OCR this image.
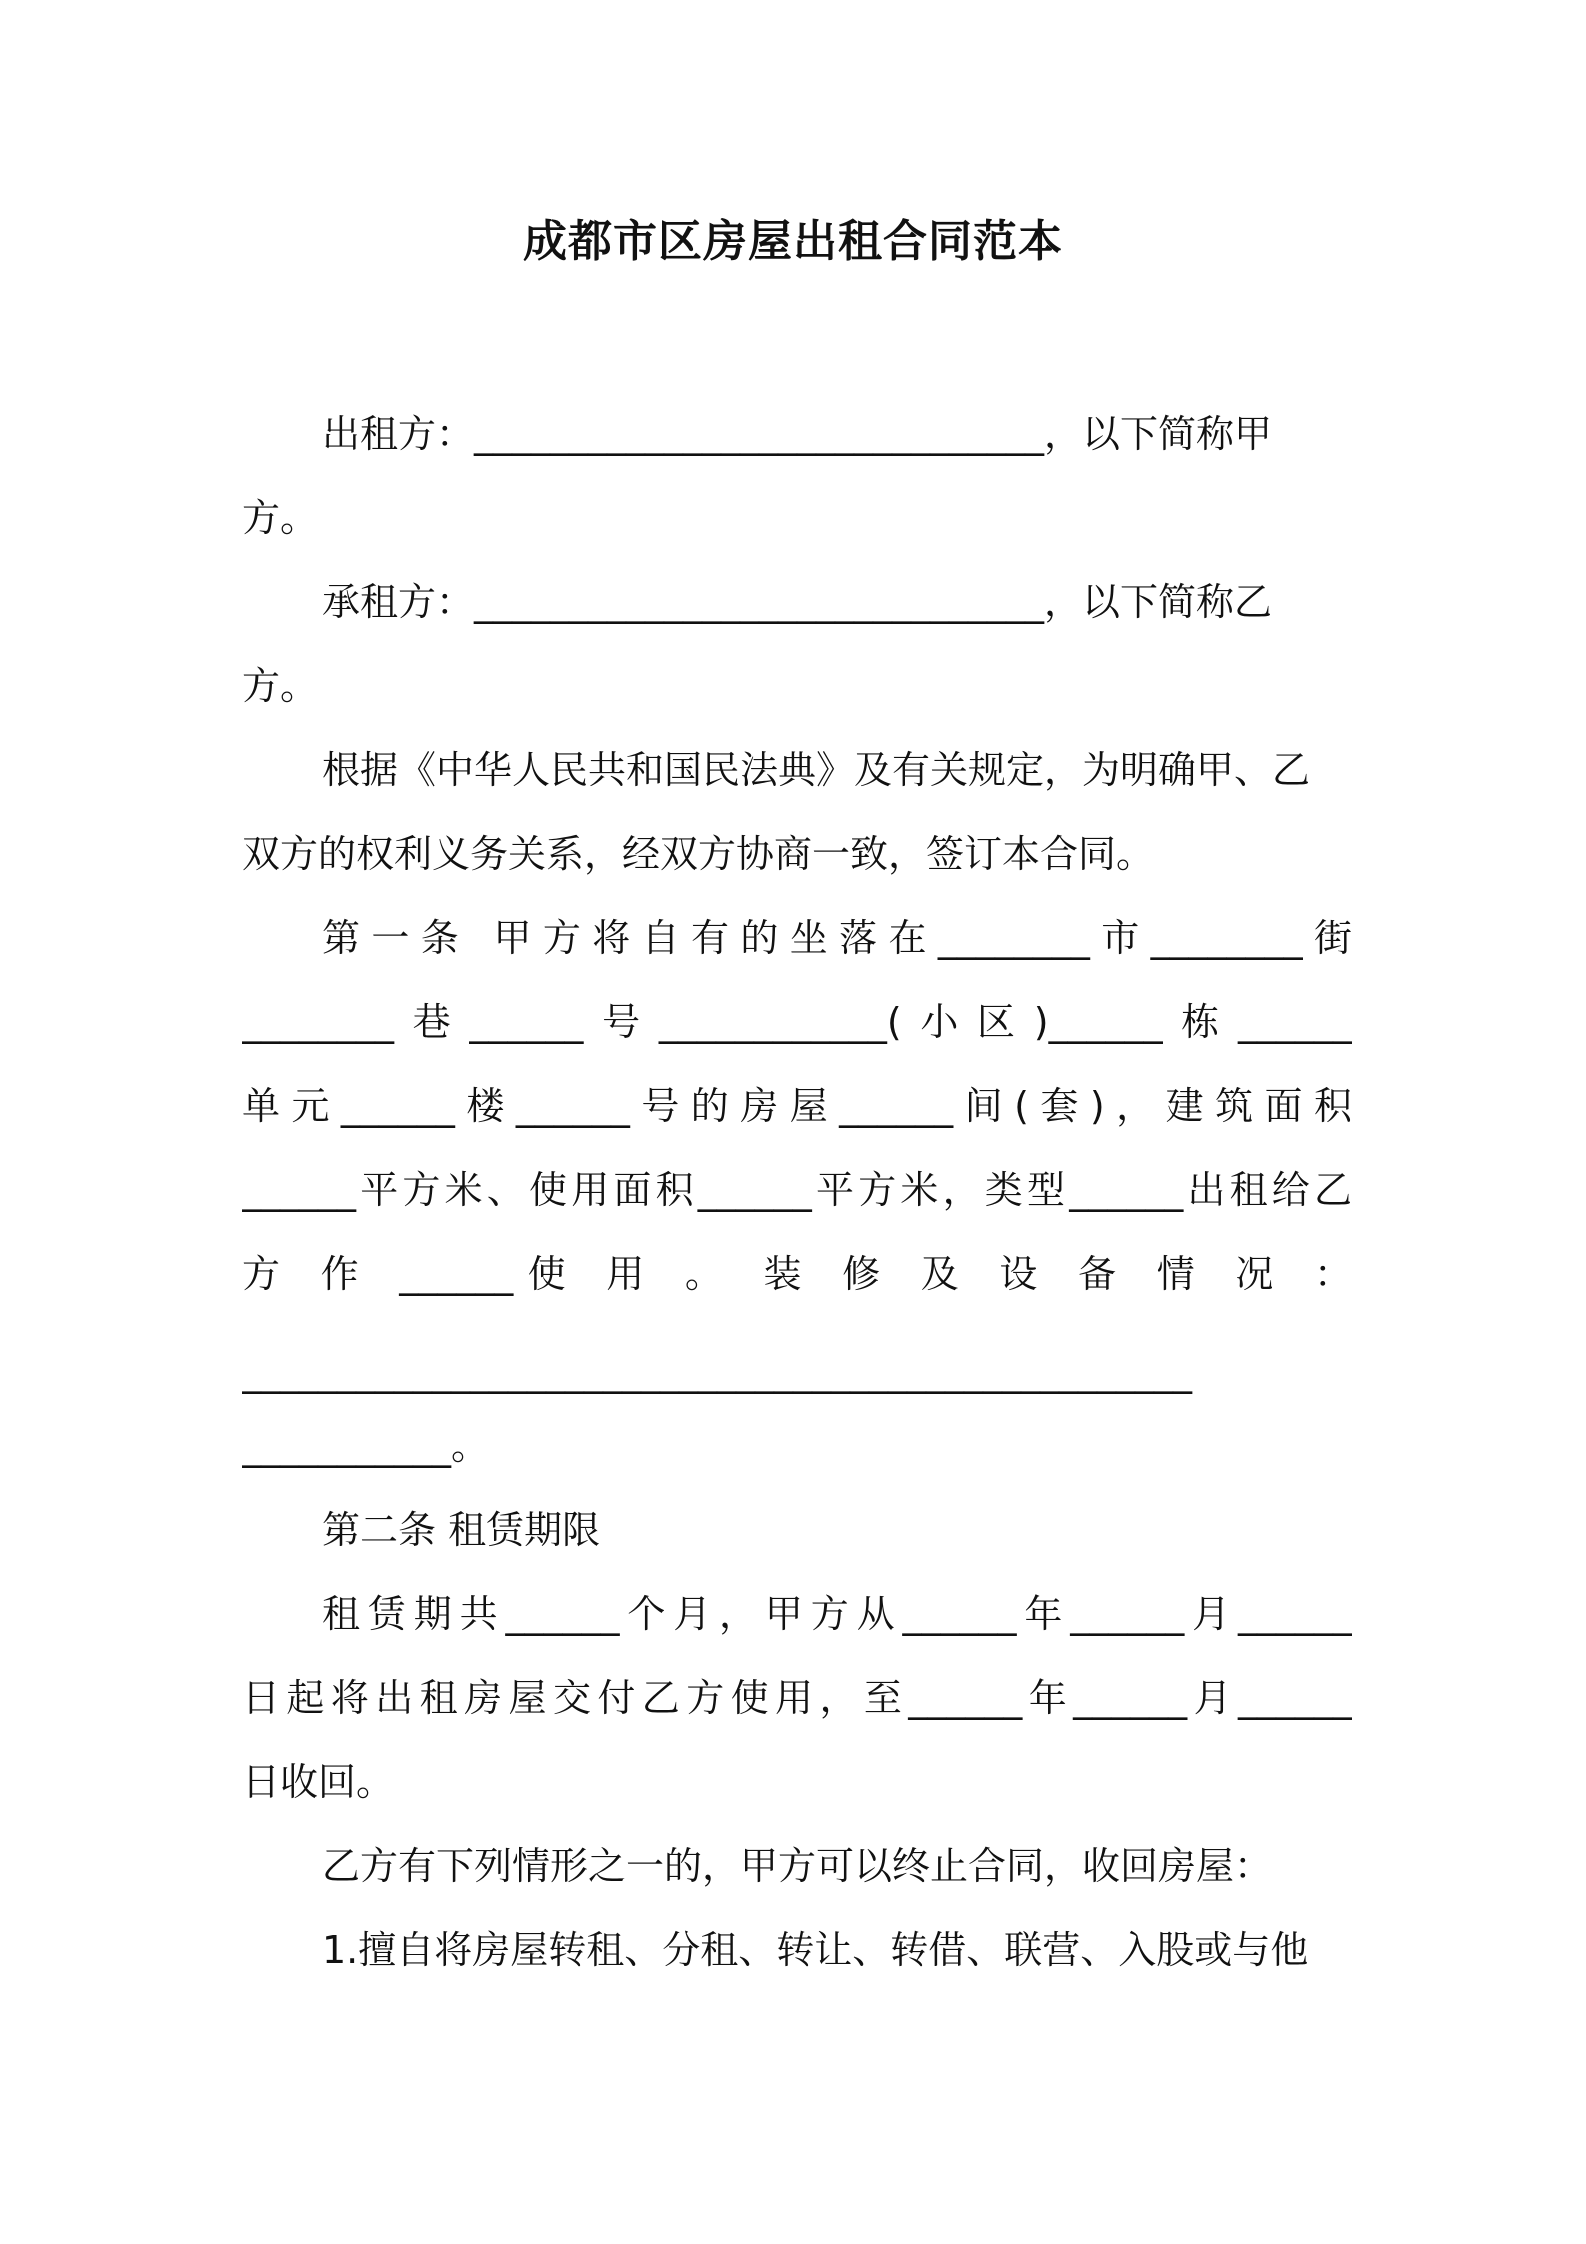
成都市区房屋出租合同范本

出租方：______________________________，以下简称甲

方。

承租方：______________________________，以下简称乙

方。

根据《中华人民共和国民法典》及有关规定，为明确甲、乙

双方的权利义务关系，经双方协商一致，签订本合同。

第一条 甲方将自有的坐落在________市________街

________巷______号____________(小区)______栋______

单元______楼______号的房屋______间(套)，建筑面积

______平方米、使用面积______平方米，类型______出租给乙

方 作 ______使 用 。 装 修 及 设 备 情 况 ：

__________________________________________________

___________。

第二条 租赁期限

租赁期共______个月，甲方从______年______月______

日起将出租房屋交付乙方使用，至______年______月______

日收回。

乙方有下列情形之一的，甲方可以终止合同，收回房屋：

1.擅自将房屋转租、分租、转让、转借、联营、入股或与他
